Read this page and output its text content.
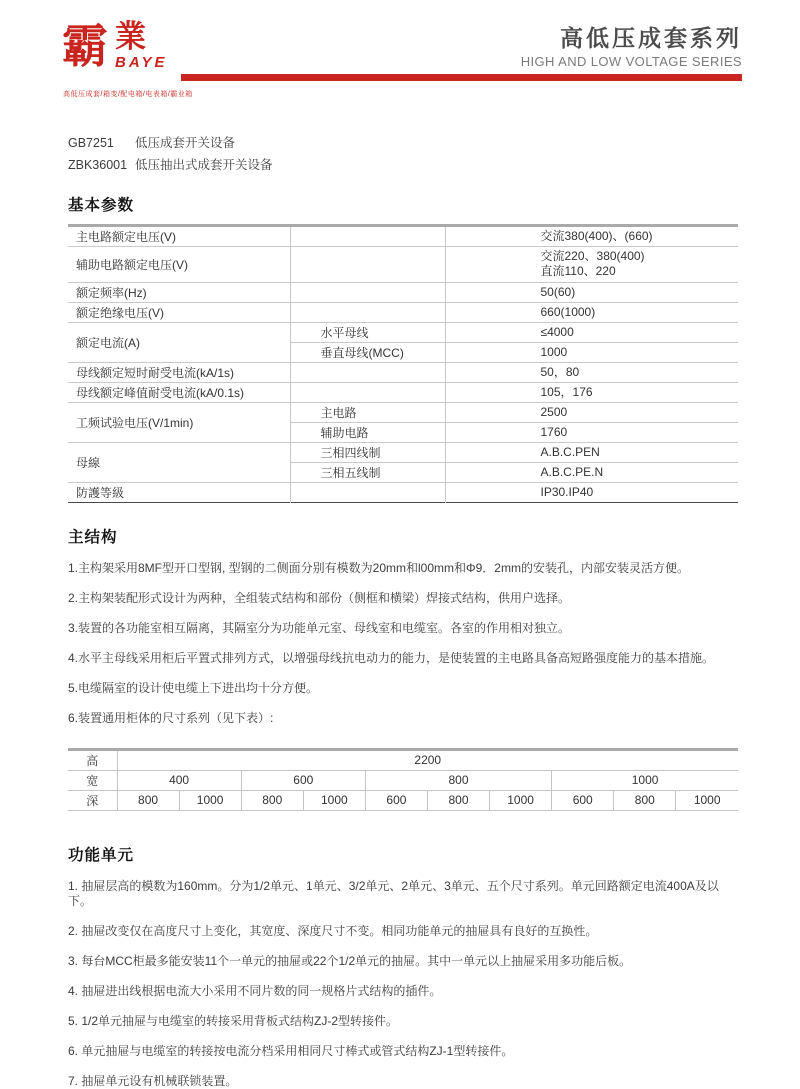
霸 業
BAYE
高低压成套/箱变/配电箱/电表箱/霸业箱
高低压成套系列
HIGH AND LOW VOLTAGE SERIES
GB7251 低压成套开关设备
ZBK36001 低压抽出式成套开关设备
基本参数
主电路额定电压(V)		交流380(400)、(660)

辅助电路额定电压(V)		交流220、380(400)
直流110、220

额定频率(Hz)		50(60)

额定绝缘电压(V)		660(1000)

额定电流(A)	水平母线	≤4000

	垂直母线(MCC)	1000

母线额定短时耐受电流(kA/1s)		50，80

母线额定峰值耐受电流(kA/0.1s)		105，176

工频试验电压(V/1min)	主电路	2500

	辅助电路	1760

母線	三相四线制	A.B.C.PEN

	三相五线制	A.B.C.PE.N

防護等級		IP30.IP40
主结构
1.主构架采用8MF型开口型钢, 型钢的二侧面分别有模数为20mm和l00mm和Φ9．2mm的安装孔，内部安装灵活方便。
2.主构架装配形式设计为两种，全组装式结构和部份（侧框和横梁）焊接式结构，供用户选择。
3.装置的各功能室相互隔离，其隔室分为功能单元室、母线室和电缆室。各室的作用相对独立。
4.水平主母线采用柜后平置式排列方式，以增强母线抗电动力的能力，是使装置的主电路具备高短路强度能力的基本措施。
5.电缆隔室的设计使电缆上下进出均十分方便。
6.装置通用柜体的尺寸系列（见下表）:
高	2200									
宽	400		600		800			1000		
深	800	1000	800	1000	600	800	1000	600	800	1000
功能单元
1. 抽屉层高的模数为160mm。分为1/2单元、1单元、3/2单元、2单元、3单元、五个尺寸系列。单元回路额定电流400A及以下。
2. 抽屉改变仅在高度尺寸上变化，其宽度、深度尺寸不变。相同功能单元的抽屉具有良好的互换性。
3. 每台MCC柜最多能安装11个一单元的抽屉或22个1/2单元的抽屉。其中一单元以上抽屉采用多功能后板。
4. 抽屉进出线根据电流大小采用不同片数的同一规格片式结构的插件。
5. 1/2单元抽屉与电缆室的转接采用背板式结构ZJ-2型转接件。
6. 单元抽屉与电缆室的转接按电流分档采用相同尺寸棒式或管式结构ZJ-1型转接件。
7. 抽屉单元设有机械联锁装置。
